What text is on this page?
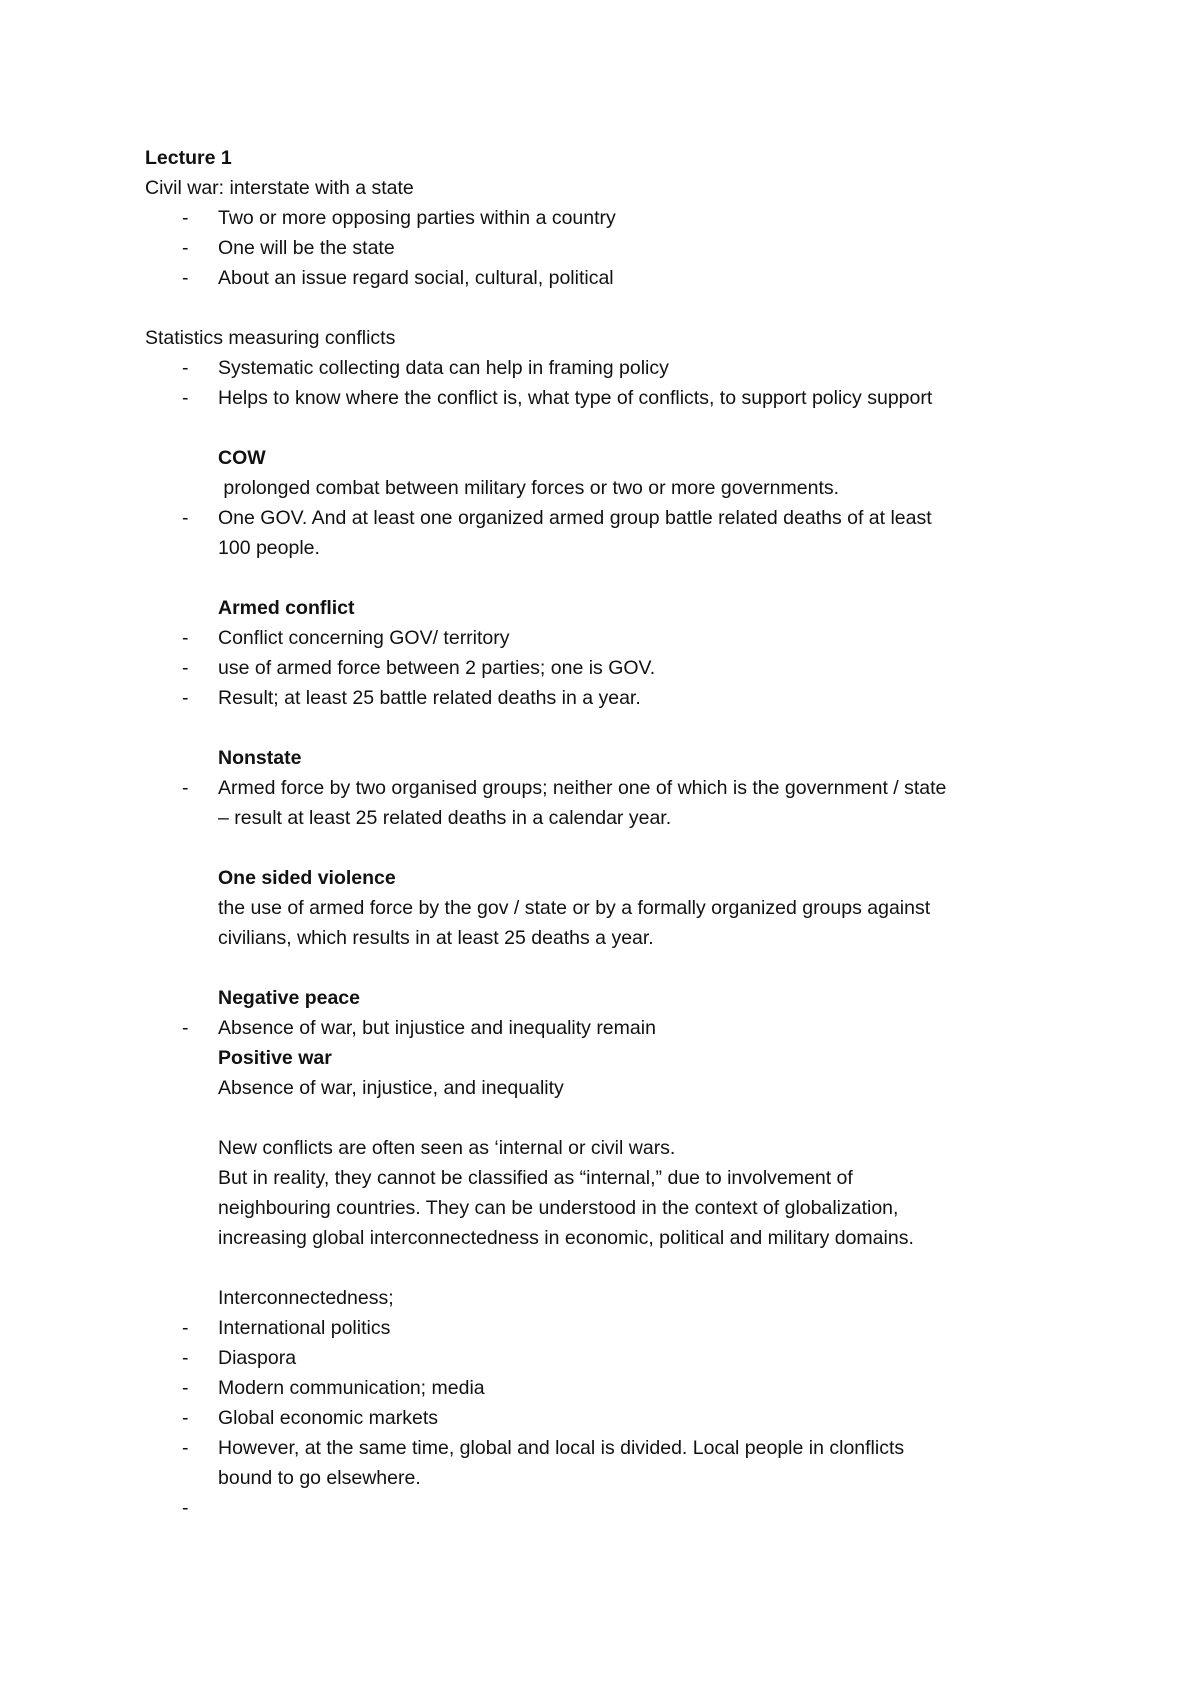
Lecture 1
Civil war: interstate with a state
- Two or more opposing parties within a country
- One will be the state
- About an issue regard social, cultural, political
Statistics measuring conflicts
- Systematic collecting data can help in framing policy
- Helps to know where the conflict is, what type of conflicts, to support policy support
COW
prolonged combat between military forces or two or more governments.
- One GOV. And at least one organized armed group battle related deaths of at least
100 people.
Armed conflict
- Conflict concerning GOV/ territory
- use of armed force between 2 parties; one is GOV.
- Result; at least 25 battle related deaths in a year.
Nonstate
- Armed force by two organised groups; neither one of which is the government / state
– result at least 25 related deaths in a calendar year.
One sided violence
the use of armed force by the gov / state or by a formally organized groups against
civilians, which results in at least 25 deaths a year.
Negative peace
- Absence of war, but injustice and inequality remain
Positive war
Absence of war, injustice, and inequality
New conflicts are often seen as ‘internal or civil wars.
But in reality, they cannot be classified as “internal,” due to involvement of
neighbouring countries. They can be understood in the context of globalization,
increasing global interconnectedness in economic, political and military domains.
Interconnectedness;
- International politics
- Diaspora
- Modern communication; media
- Global economic markets
- However, at the same time, global and local is divided. Local people in clonflicts
bound to go elsewhere.
-
